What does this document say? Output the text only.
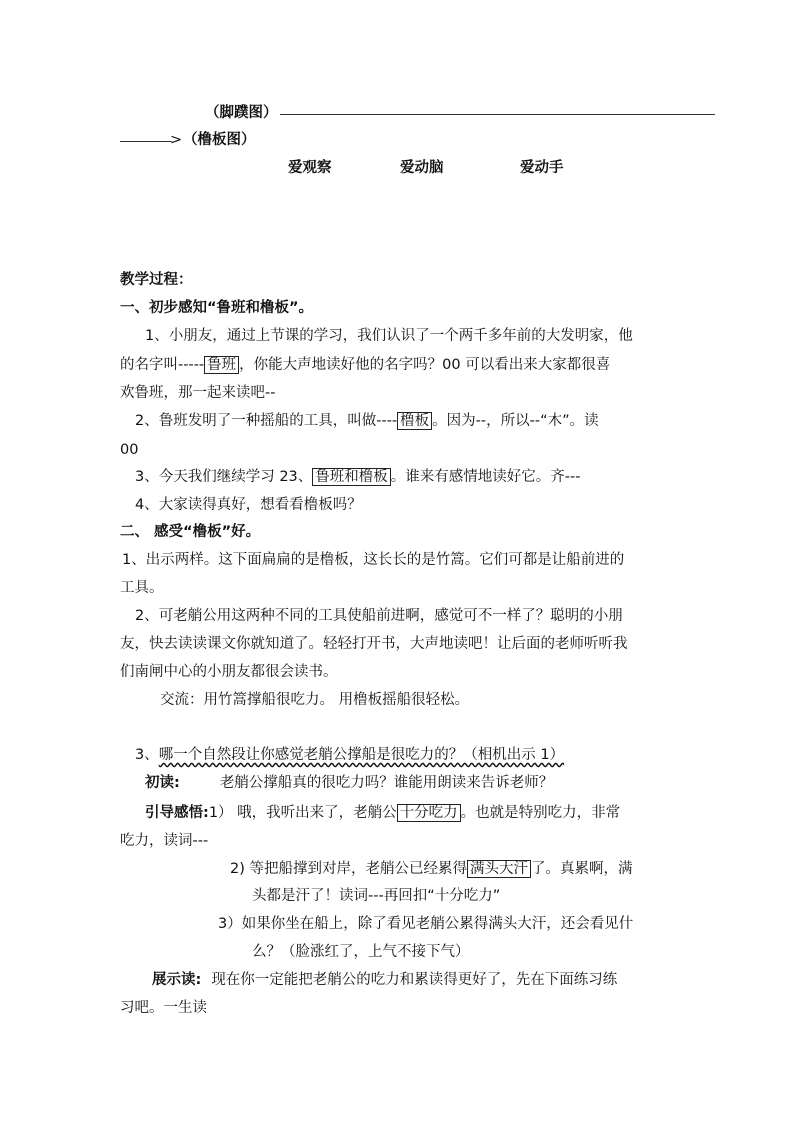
（脚蹼图）
> （橹板图）
爱观察	爱动脑	爱动手
教学过程：
一、初步感知“鲁班和橹板”。
1、小朋友，通过上节课的学习，我们认识了一个两千多年前的大发明家，他
的名字叫----- 鲁班 ，你能大声地读好他的名字吗？00 可以看出来大家都很喜
欢鲁班，那一起来读吧--
2、鲁班发明了一种摇船的工具，叫做---- 橹板 。因为--，所以--“木”。读
00
3、今天我们继续学习 23、 鲁班和橹板 。谁来有感情地读好它。齐---
4、大家读得真好，想看看橹板吗？
二、 感受“橹板”好。
1、出示两样。这下面扁扁的是橹板，这长长的是竹篙。它们可都是让船前进的
工具。
2、可老艄公用这两种不同的工具使船前进啊，感觉可不一样了？聪明的小朋
友，快去读读课文你就知道了。轻轻打开书，大声地读吧！让后面的老师听听我
们南闸中心的小朋友都很会读书。
交流：用竹篙撑船很吃力。 用橹板摇船很轻松。
3、哪一个自然段让你感觉老艄公撑船是很吃力的？（相机出示 1）
初读:	老艄公撑船真的很吃力吗？谁能用朗读来告诉老师？
引导感悟:1） 哦，我听出来了，老艄公 十分吃力 。也就是特别吃力，非常
吃力，读词---
2) 等把船撑到对岸，老艄公已经累得 满头大汗 了。真累啊，满
头都是汗了！读词---再回扣“十分吃力”
3）如果你坐在船上，除了看见老艄公累得满头大汗，还会看见什
么？（脸涨红了，上气不接下气）
展示读: 现在你一定能把老艄公的吃力和累读得更好了，先在下面练习练
习吧。一生读
